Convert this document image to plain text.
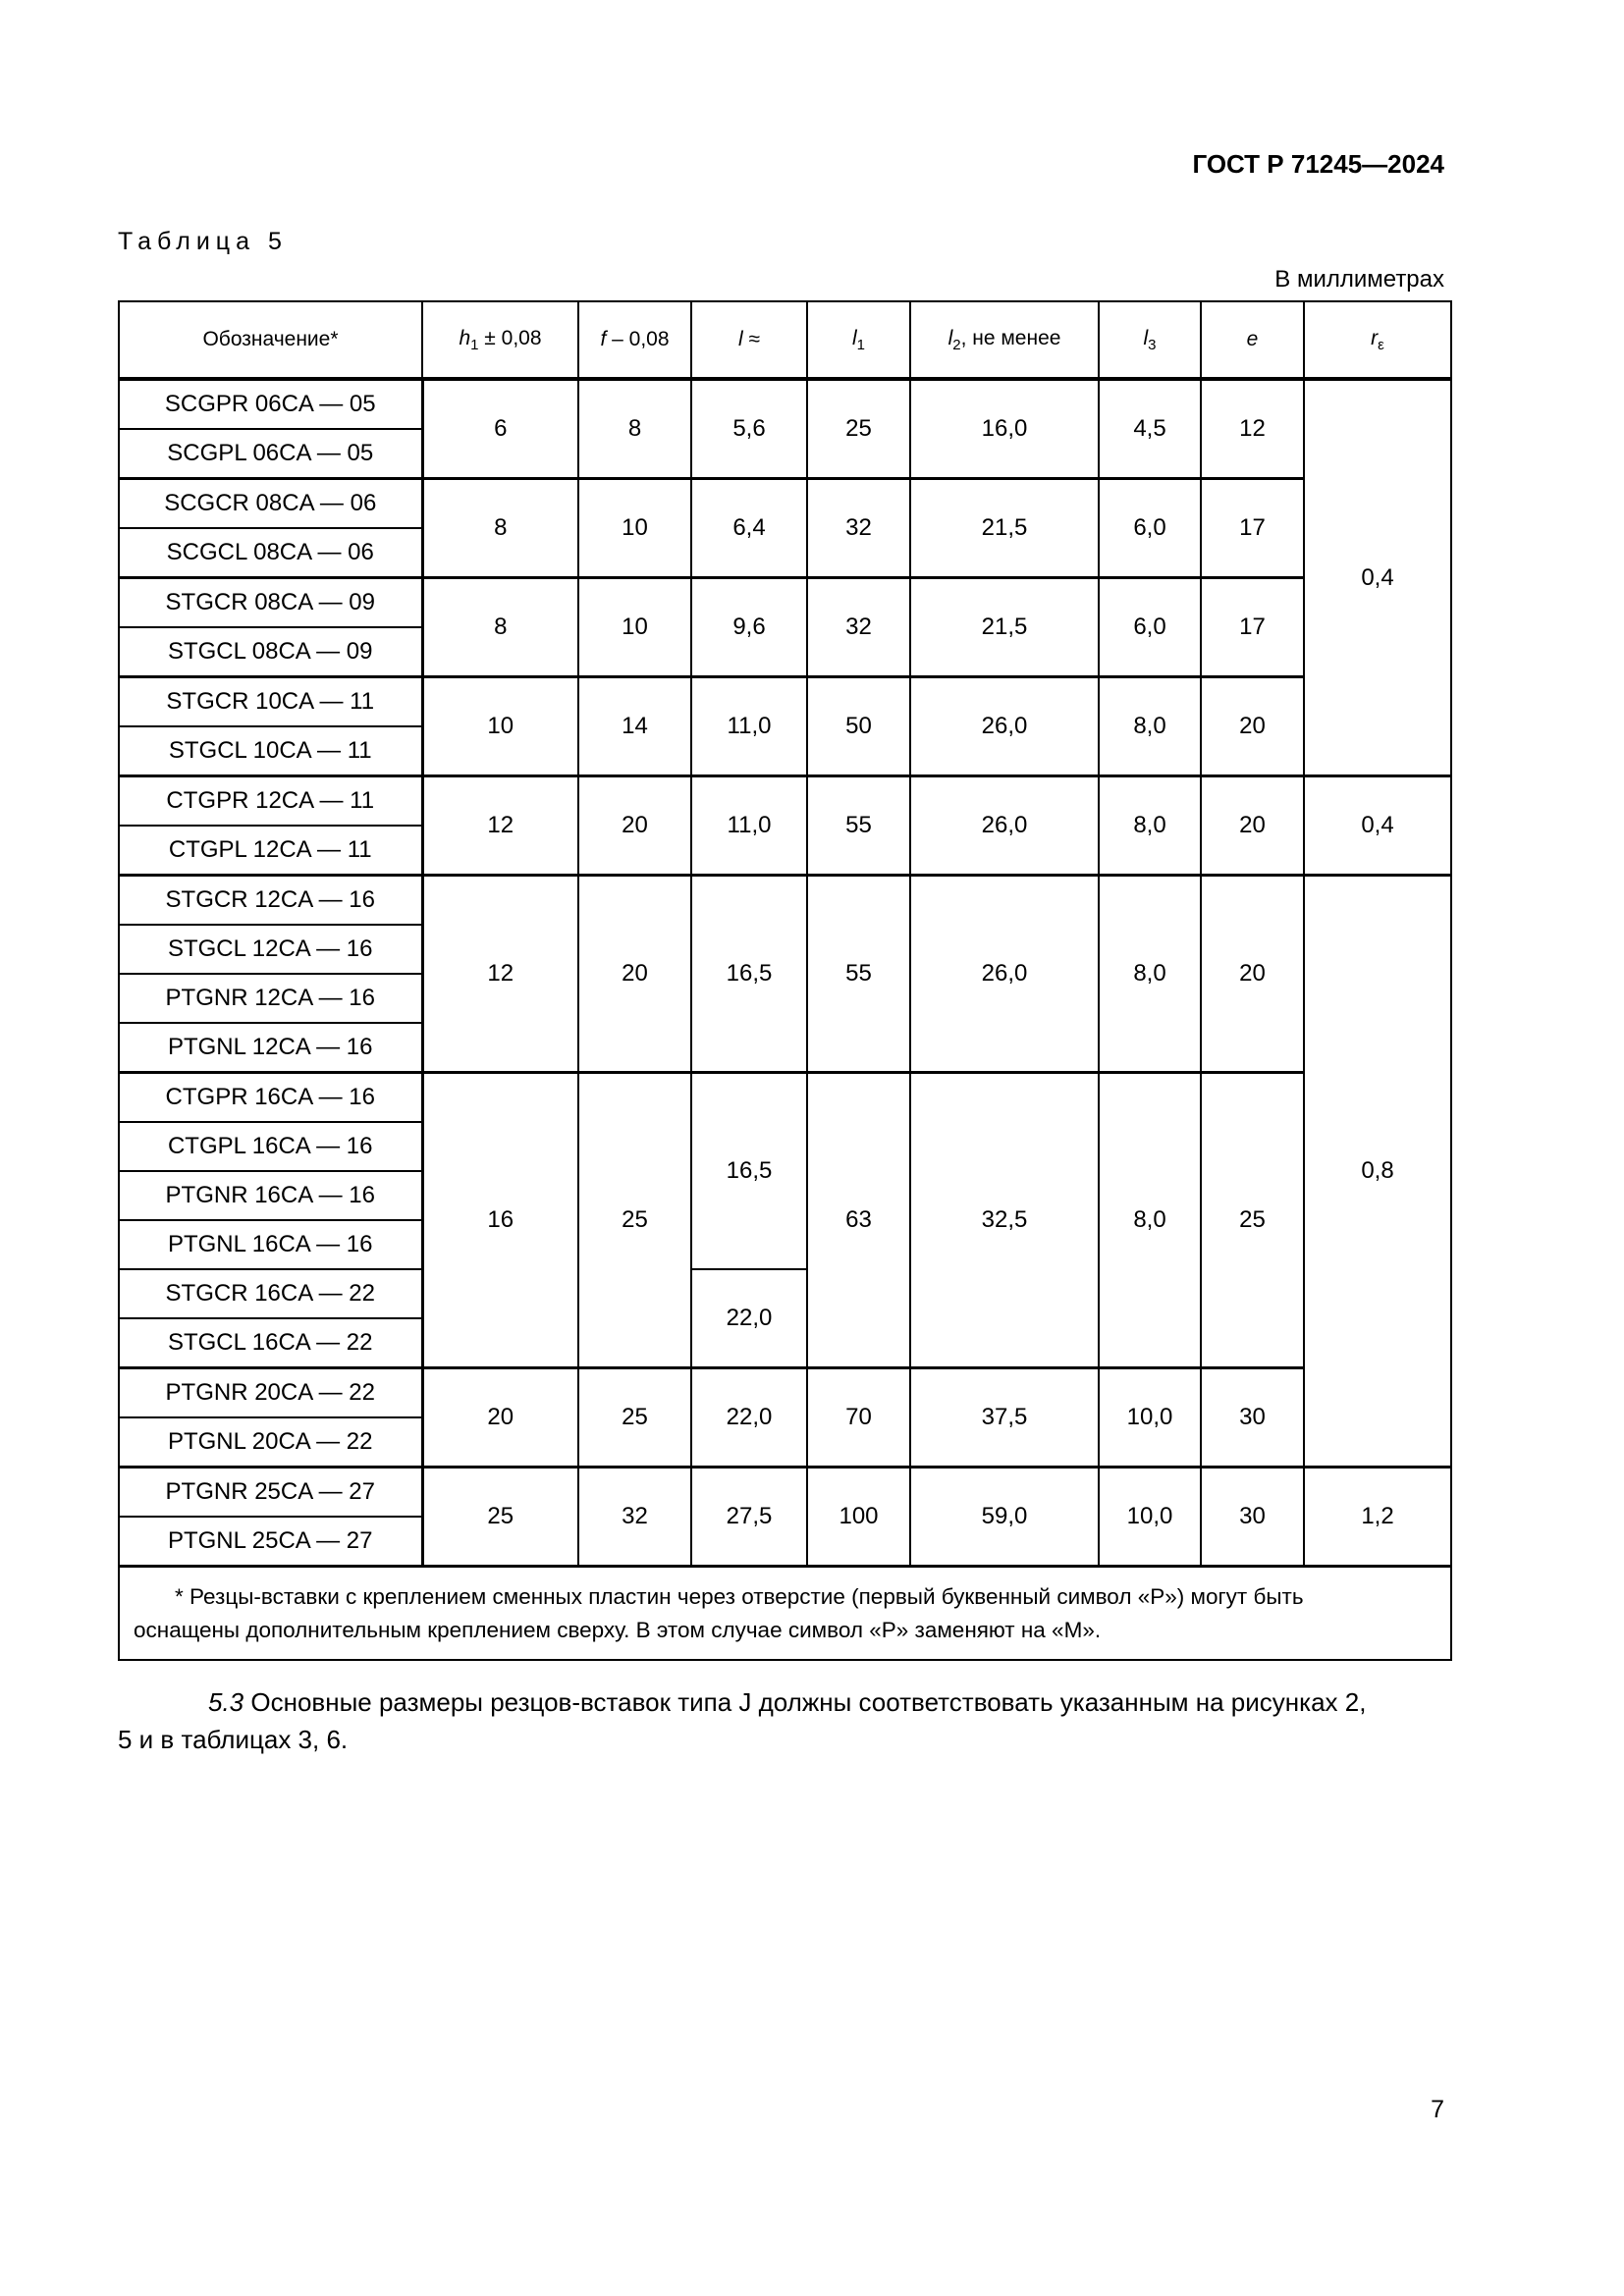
ГОСТ Р 71245—2024
Таблица 5
В миллиметрах
Обозначение*	$h_1 \pm 0,08$	f – 0,08	l ≈	$l_1$	$l_2$, не менее	$l_3$	e	$r_\varepsilon$
SCGPR 06CA — 05	6	8	5,6	25	16,0	4,5	12	0,4
SCGPL 06CA — 05								
SCGCR 08CA — 06	8	10	6,4	32	21,5	6,0	17	
SCGCL 08CA — 06								
STGCR 08CA — 09	8	10	9,6	32	21,5	6,0	17	
STGCL 08CA — 09								
STGCR 10CA — 11	10	14	11,0	50	26,0	8,0	20	
STGCL 10CA — 11								
CTGPR 12CA — 11	12	20	11,0	55	26,0	8,0	20	0,4
CTGPL 12CA — 11								
STGCR 12CA — 16	12	20	16,5	55	26,0	8,0	20	0,8
STGCL 12CA — 16								
PTGNR 12CA — 16								
PTGNL 12CA — 16								
CTGPR 16CA — 16	16	25	16,5	63	32,5	8,0	25	
CTGPL 16CA — 16								
PTGNR 16CA — 16								
PTGNL 16CA — 16								
STGCR 16CA — 22			22,0					
STGCL 16CA — 22								
PTGNR 20CA — 22	20	25	22,0	70	37,5	10,0	30	
PTGNL 20CA — 22								
PTGNR 25CA — 27	25	32	27,5	100	59,0	10,0	30	1,2
PTGNL 25CA — 27								

* Резцы-вставки с креплением сменных пластин через отверстие (первый буквенный символ «P») могут быть
оснащены дополнительным креплением сверху. В этом случае символ «P» заменяют на «M».								
5.3 Основные размеры резцов-вставок типа J должны соответствовать указанным на рисунках 2,
5 и в таблицах 3, 6.
7
